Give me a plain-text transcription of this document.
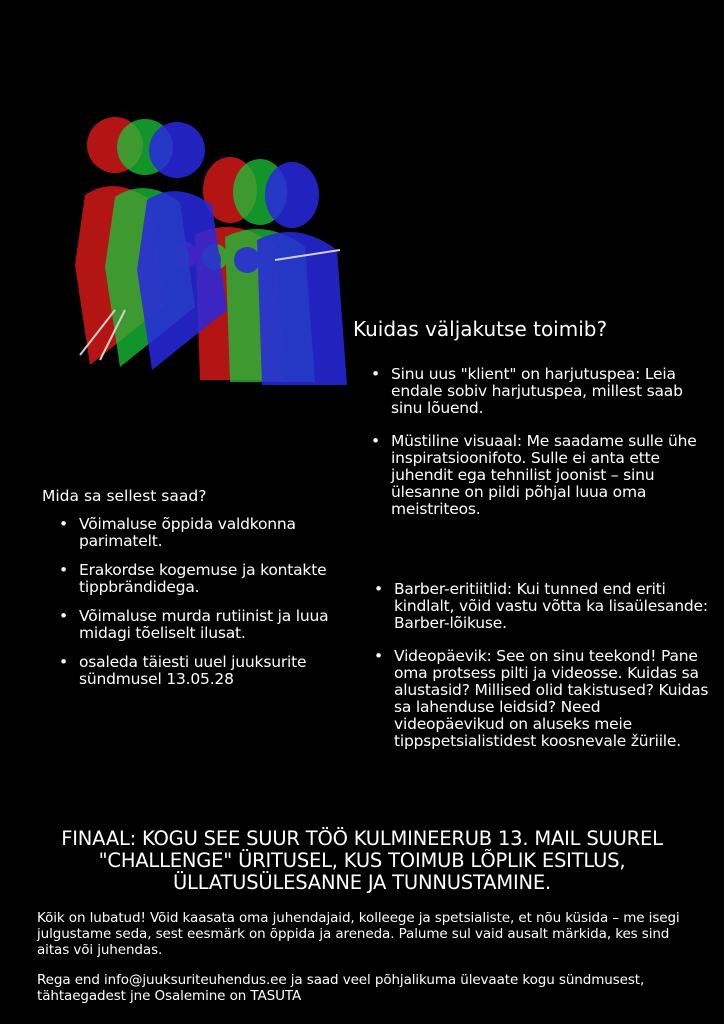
Kuidas väljakutse toimib?
• Sinu uus "klient" on harjutuspea: Leia endale sobiv harjutuspea, millest saab sinu lõuend.
• Müstiline visuaal: Me saadame sulle ühe inspiratsioonifoto. Sulle ei anta ette juhendit ega tehnilist joonist – sinu ülesanne on pildi põhjal luua oma meistriteos.
• Barber-eritiitlid: Kui tunned end eriti kindlalt, võid vastu võtta ka lisaülesande: Barber-lõikuse.
• Videopäevik: See on sinu teekond! Pane oma protsess pilti ja videosse. Kuidas sa alustasid? Millised olid takistused? Kuidas sa lahenduse leidsid? Need videopäevikud on aluseks meie tippspetsialistidest koosnevale žüriile.
Mida sa sellest saad?
• Võimaluse õppida valdkonna parimatelt.
• Erakordse kogemuse ja kontakte tippbrändidega.
• Võimaluse murda rutiinist ja luua midagi tõeliselt ilusat.
• osaleda täiesti uuel juuksurite sündmusel 13.05.28
FINAAL: KOGU SEE SUUR TÖÖ KULMINEERUB 13. MAIL SUUREL "CHALLENGE" ÜRITUSEL, KUS TOIMUB LÕPLIK ESITLUS, ÜLLATUSÜLESANNE JA TUNNUSTAMINE.
Kõik on lubatud! Võid kaasata oma juhendajaid, kolleege ja spetsialiste, et nõu küsida – me isegi julgustame seda, sest eesmärk on õppida ja areneda. Palume sul vaid ausalt märkida, kes sind aitas või juhendas.
Rega end info@juuksuriteuhendus.ee ja saad veel põhjalikuma ülevaate kogu sündmusest, tähtaegadest jne Osalemine on TASUTA
